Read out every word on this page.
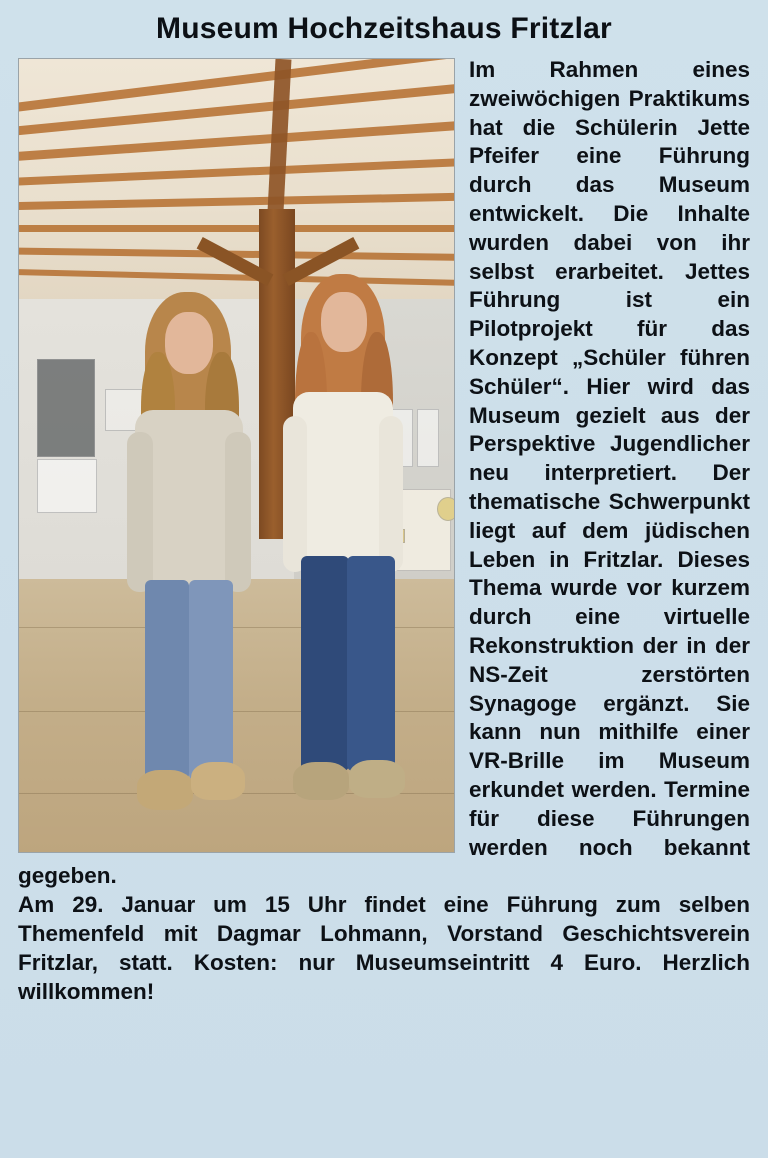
Museum Hochzeitshaus Fritzlar

Im Rahmen eines zweiwöchigen Praktikums hat die Schülerin Jette Pfeifer eine Führung durch das Museum entwickelt. Die Inhalte wurden dabei von ihr selbst erarbeitet. Jettes Führung ist ein Pilotprojekt für das Konzept „Schüler führen Schüler“. Hier wird das Museum gezielt aus der Perspektive Jugendlicher neu interpretiert. Der thematische Schwerpunkt liegt auf dem jüdischen Leben in Fritzlar. Dieses Thema wurde vor kurzem durch eine virtuelle Rekonstruktion der in der NS-Zeit zerstörten Synagoge ergänzt. Sie kann nun mithilfe einer VR-Brille im Museum erkundet werden. Termine für diese Führungen werden noch bekannt gegeben.

Am 29. Januar um 15 Uhr findet eine Führung zum selben Themenfeld mit Dagmar Lohmann, Vorstand Geschichtsverein Fritzlar, statt. Kosten: nur Museumseintritt 4 Euro. Herzlich willkommen!
